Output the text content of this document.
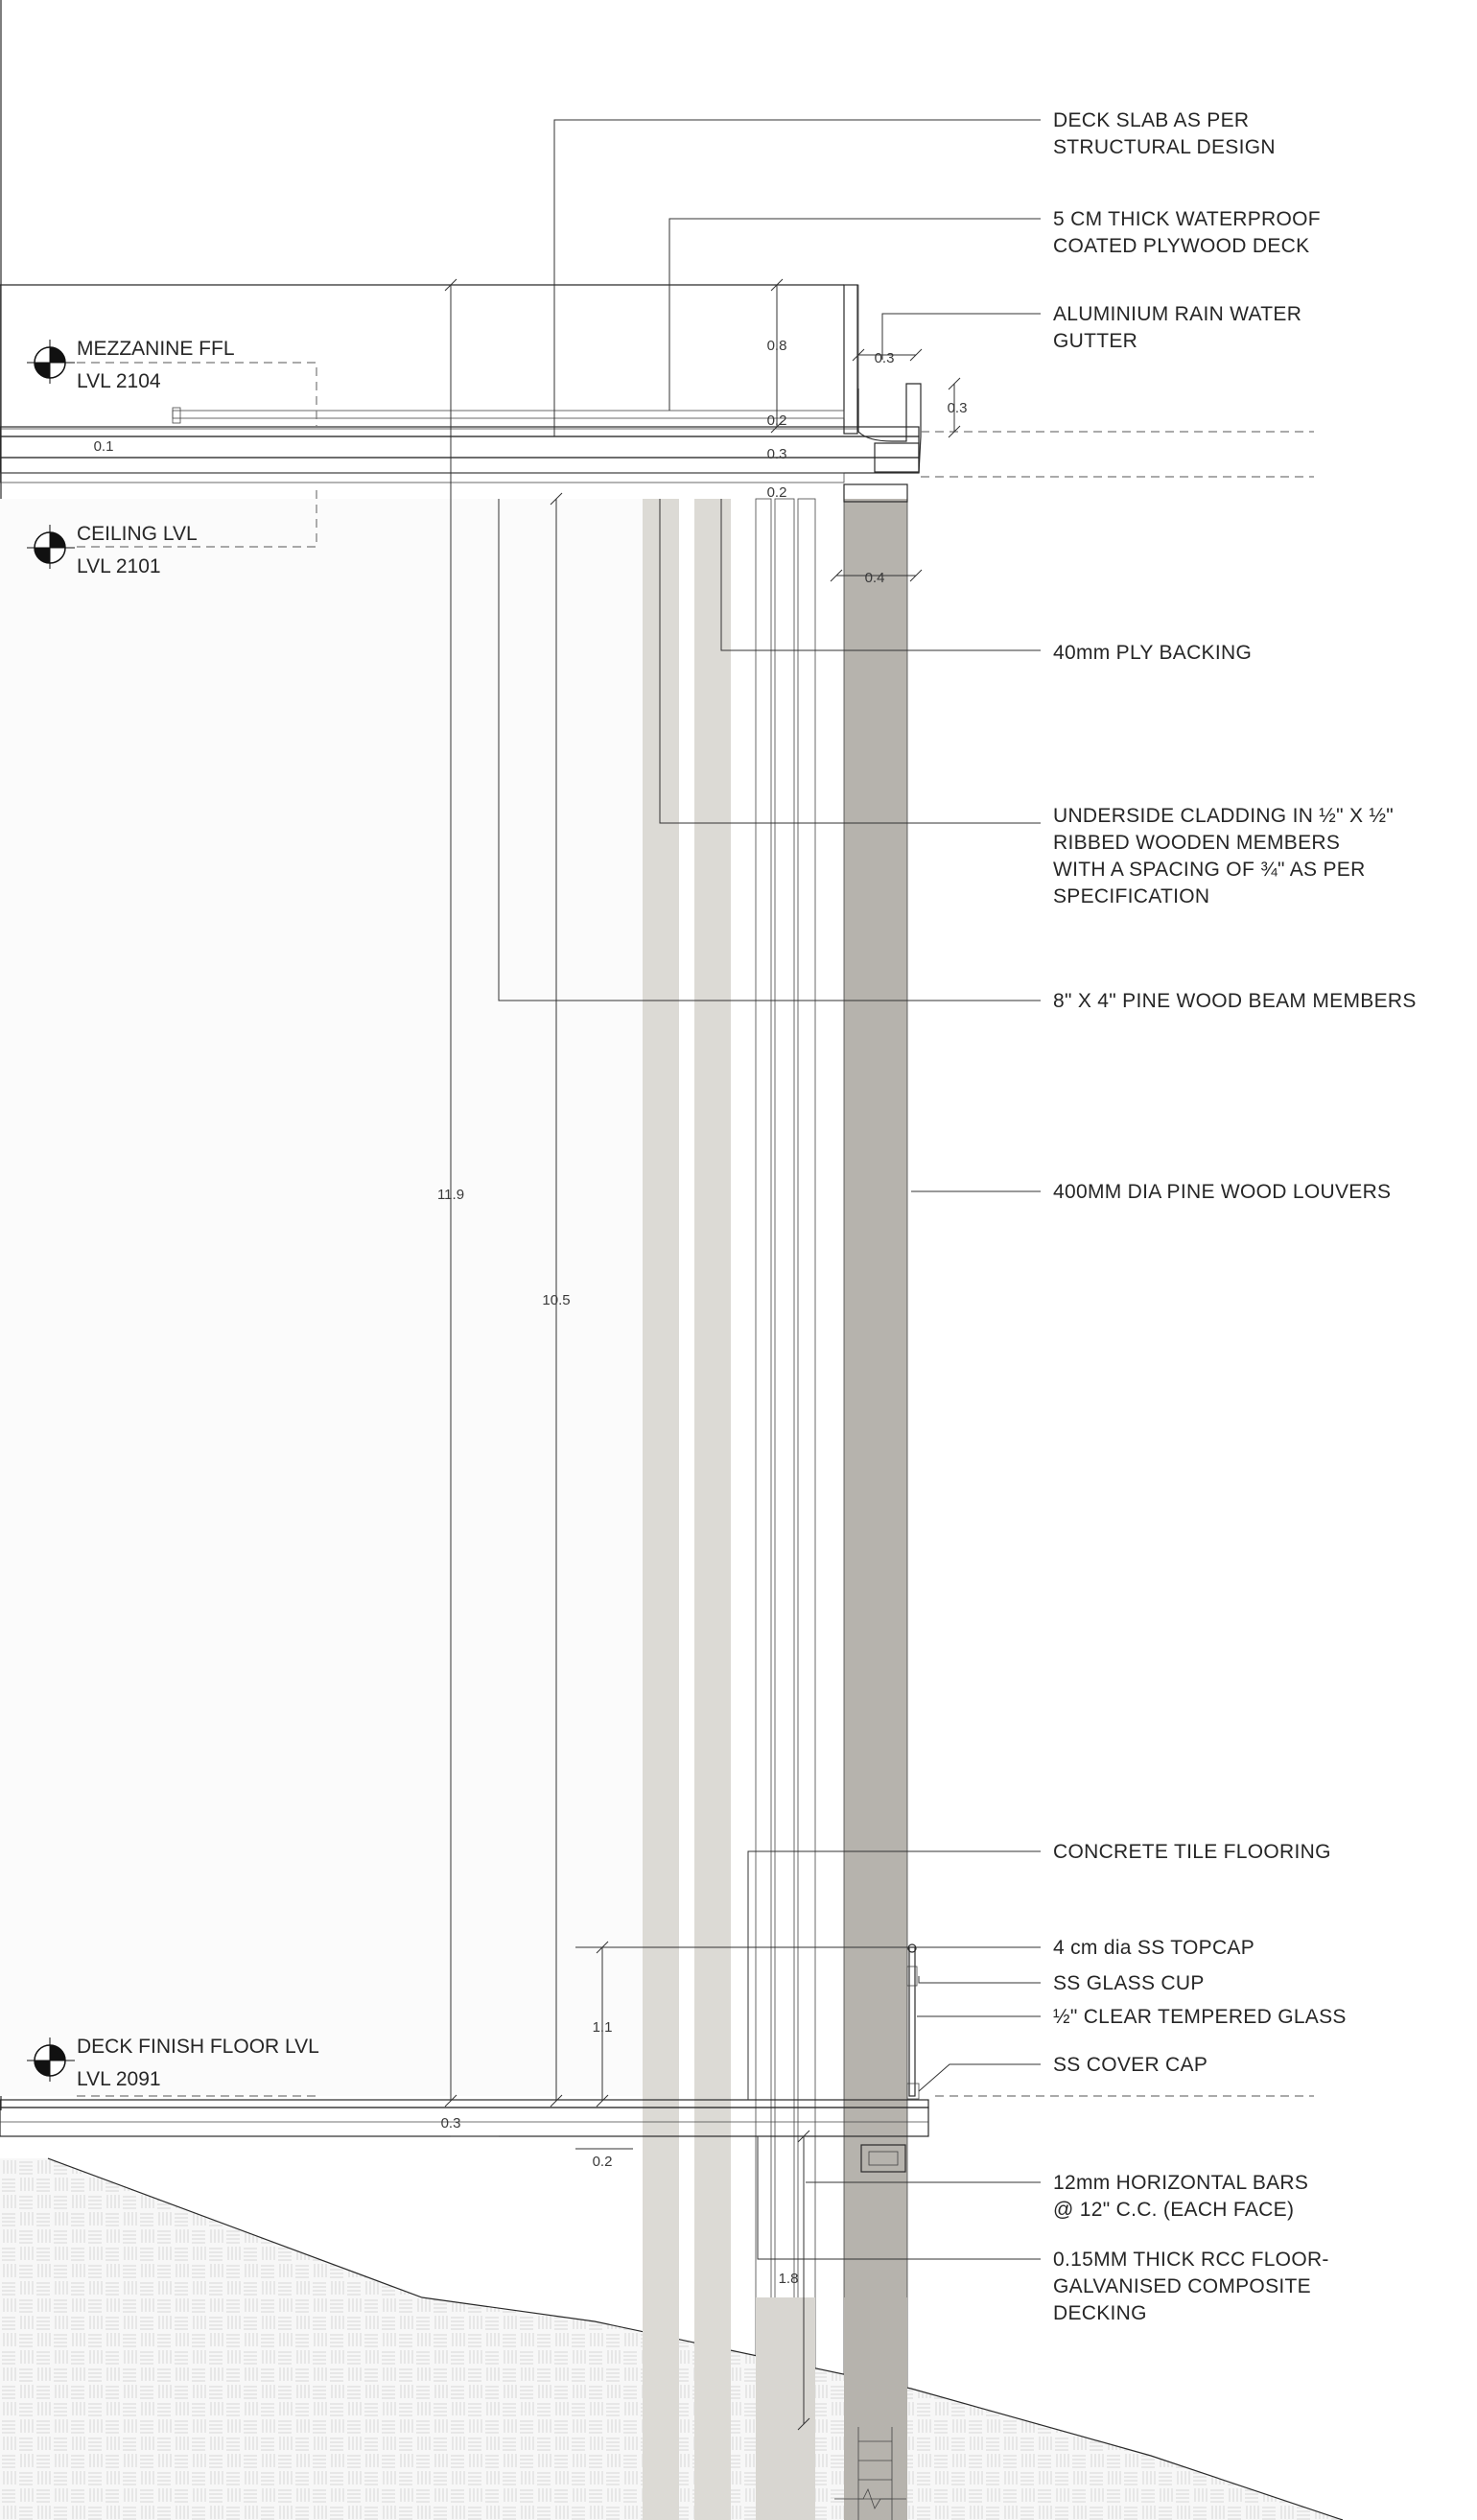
MEZZANINE FFL
LVL 2104
CEILING LVL
LVL 2101
DECK FINISH FLOOR LVL
LVL 2091
0.8
0.3
0.3
0.2
0.1	0.3
0.2
0.4
11.9
10.5
1.1
0.3
0.2
1.8
DECK SLAB AS PER STRUCTURAL DESIGN
5 CM THICK WATERPROOF COATED PLYWOOD DECK
ALUMINIUM RAIN WATER GUTTER
40mm PLY BACKING
UNDERSIDE CLADDING IN ½" X ½" RIBBED WOODEN MEMBERS WITH A SPACING OF ¾" AS PER SPECIFICATION
8" X 4" PINE WOOD BEAM MEMBERS
400MM DIA PINE WOOD LOUVERS
CONCRETE TILE FLOORING
4 cm dia SS TOPCAP
SS GLASS CUP
½" CLEAR TEMPERED GLASS
SS COVER CAP
12mm HORIZONTAL BARS @ 12" C.C. (EACH FACE)
0.15MM THICK RCC FLOOR-GALVANISED COMPOSITE DECKING
